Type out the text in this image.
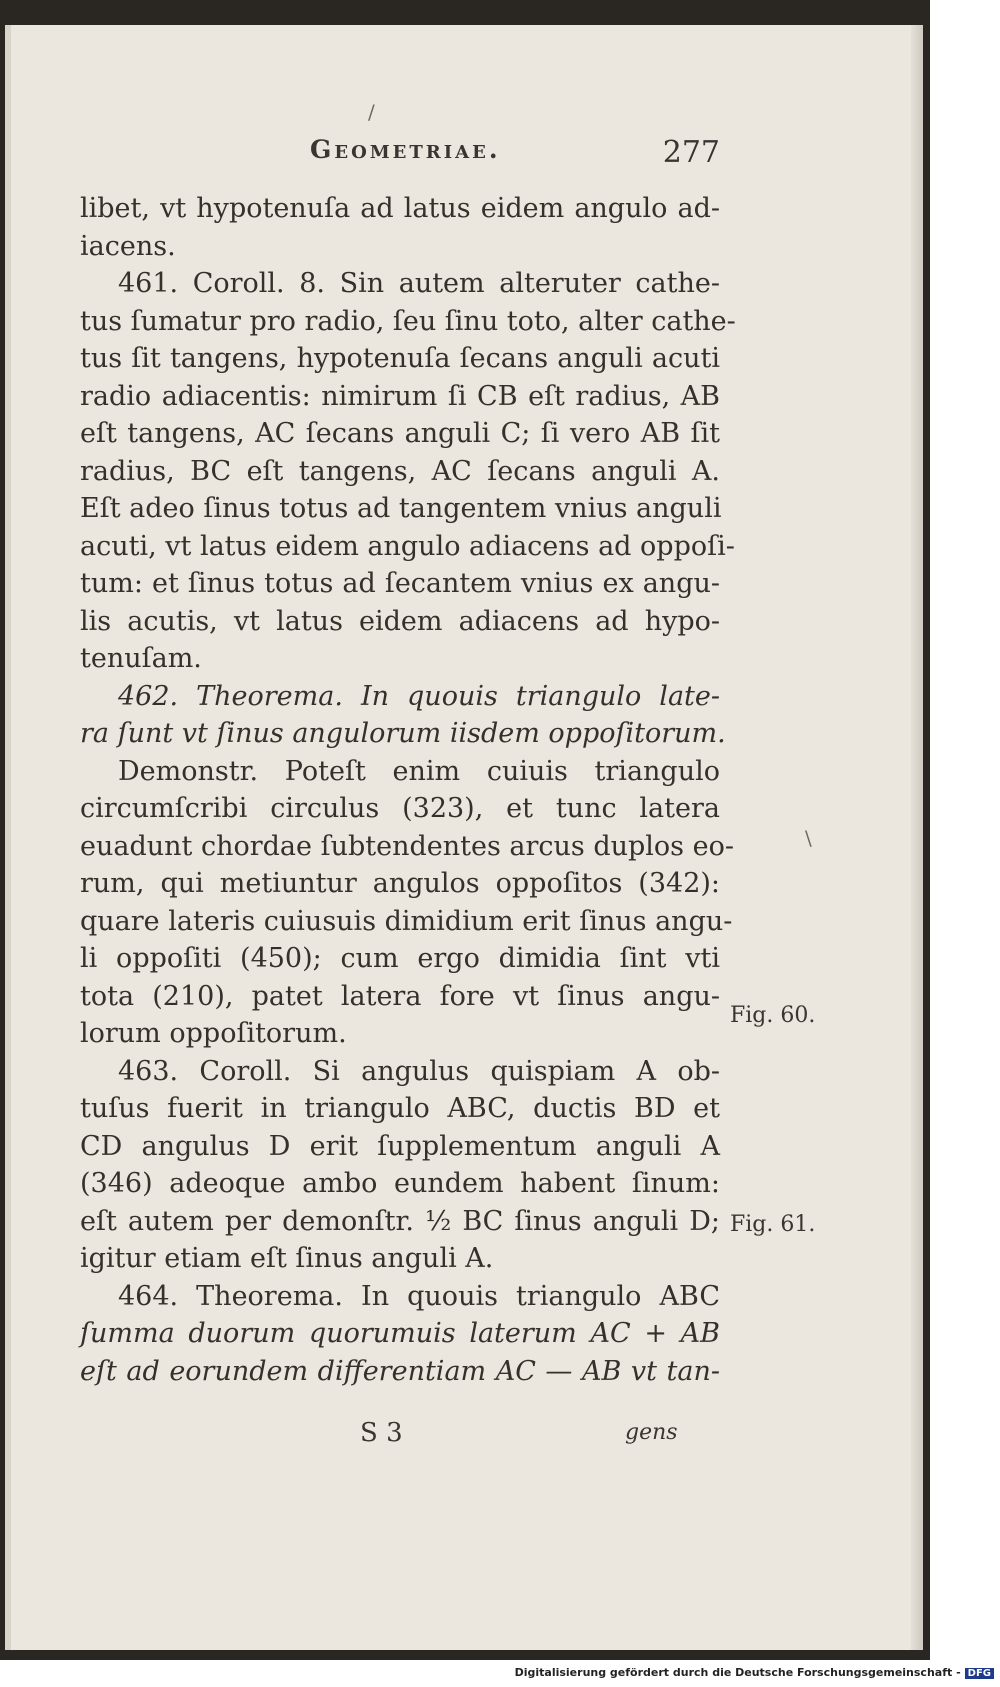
Geometriae.	277
libet, vt hypotenuſa ad latus eidem angulo ad-
iacens.
461. Coroll. 8. Sin autem alteruter cathe-
tus ſumatur pro radio, ſeu ſinu toto, alter cathe-
tus ſit tangens, hypotenuſa ſecans anguli acuti
radio adiacentis: nimirum ſi CB eſt radius, AB
eſt tangens, AC ſecans anguli C; ſi vero AB ſit
radius, BC eſt tangens, AC ſecans anguli A.
Eſt adeo ſinus totus ad tangentem vnius anguli
acuti, vt latus eidem angulo adiacens ad oppoſi-
tum: et ſinus totus ad ſecantem vnius ex angu-
lis acutis, vt latus eidem adiacens ad hypo-
tenuſam.
462. Theorema. In quouis triangulo late-
ra ſunt vt ſinus angulorum iisdem oppoſitorum.
Demonstr. Poteſt enim cuiuis triangulo
circumſcribi circulus (323), et tunc latera
euadunt chordae ſubtendentes arcus duplos eo-
rum, qui metiuntur angulos oppoſitos (342):
quare lateris cuiusuis dimidium erit ſinus angu-
li oppoſiti (450); cum ergo dimidia ſint vti
tota (210), patet latera fore vt ſinus angu-
lorum oppoſitorum.
463. Coroll. Si angulus quispiam A ob-
tuſus fuerit in triangulo ABC, ductis BD et
CD angulus D erit ſupplementum anguli A
(346) adeoque ambo eundem habent ſinum:
eſt autem per demonſtr. ½ BC ſinus anguli D;
igitur etiam eſt ſinus anguli A.
464. Theorema. In quouis triangulo ABC
ſumma duorum quorumuis laterum AC + AB
eſt ad eorundem differentiam AC — AB vt tan-
Fig. 60.
Fig. 61.
\
/
S 3	gens
Digitalisierung gefördert durch die Deutsche Forschungsgemeinschaft - DFG
